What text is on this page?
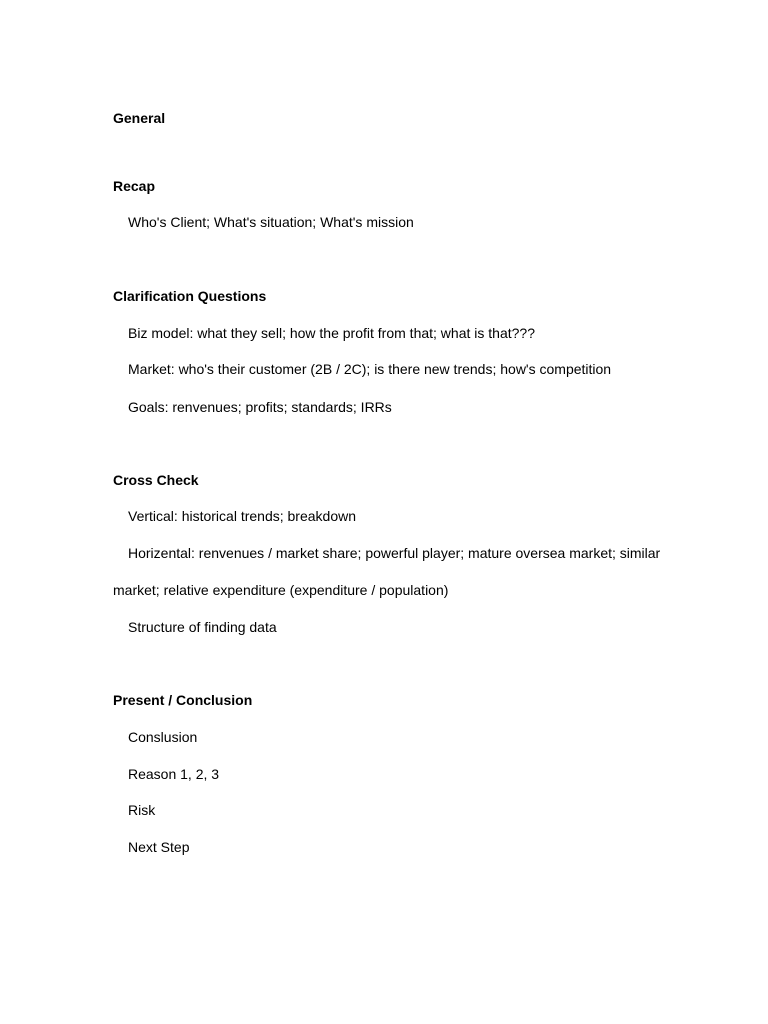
General

Recap

Who's Client; What's situation; What's mission

Clarification Questions

Biz model: what they sell; how the profit from that; what is that???

Market: who's their customer (2B / 2C); is there new trends; how's competition

Goals: renvenues; profits; standards; IRRs

Cross Check

Vertical: historical trends; breakdown

Horizental: renvenues / market share; powerful player; mature oversea market; similar

market; relative expenditure (expenditure / population)

Structure of finding data

Present / Conclusion

Conslusion

Reason 1, 2, 3

Risk

Next Step
